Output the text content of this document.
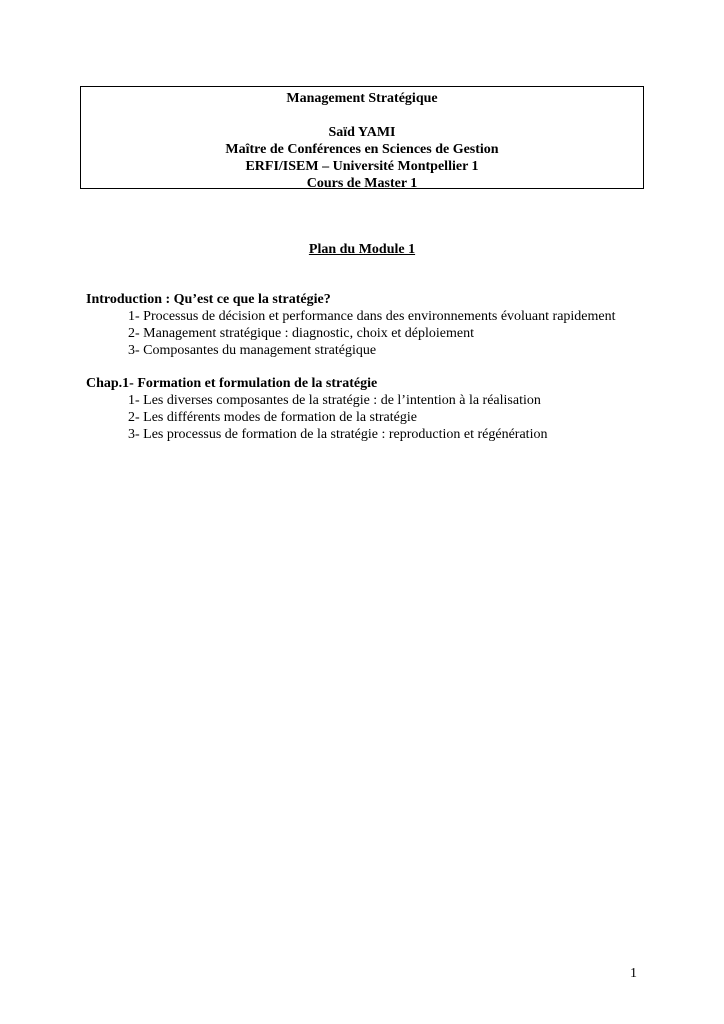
Management Stratégique
Saïd YAMI
Maître de Conférences en Sciences de Gestion
ERFI/ISEM – Université Montpellier 1
Cours de Master 1
Plan du Module 1
Introduction : Qu’est ce que la stratégie?
1- Processus de décision et performance dans des environnements évoluant rapidement
2- Management stratégique : diagnostic, choix et déploiement
3- Composantes du management stratégique
Chap.1- Formation et formulation de la stratégie
1- Les diverses composantes de la stratégie : de l’intention à la réalisation
2- Les différents modes de formation de la stratégie
3- Les processus de formation de la stratégie : reproduction et régénération
1
